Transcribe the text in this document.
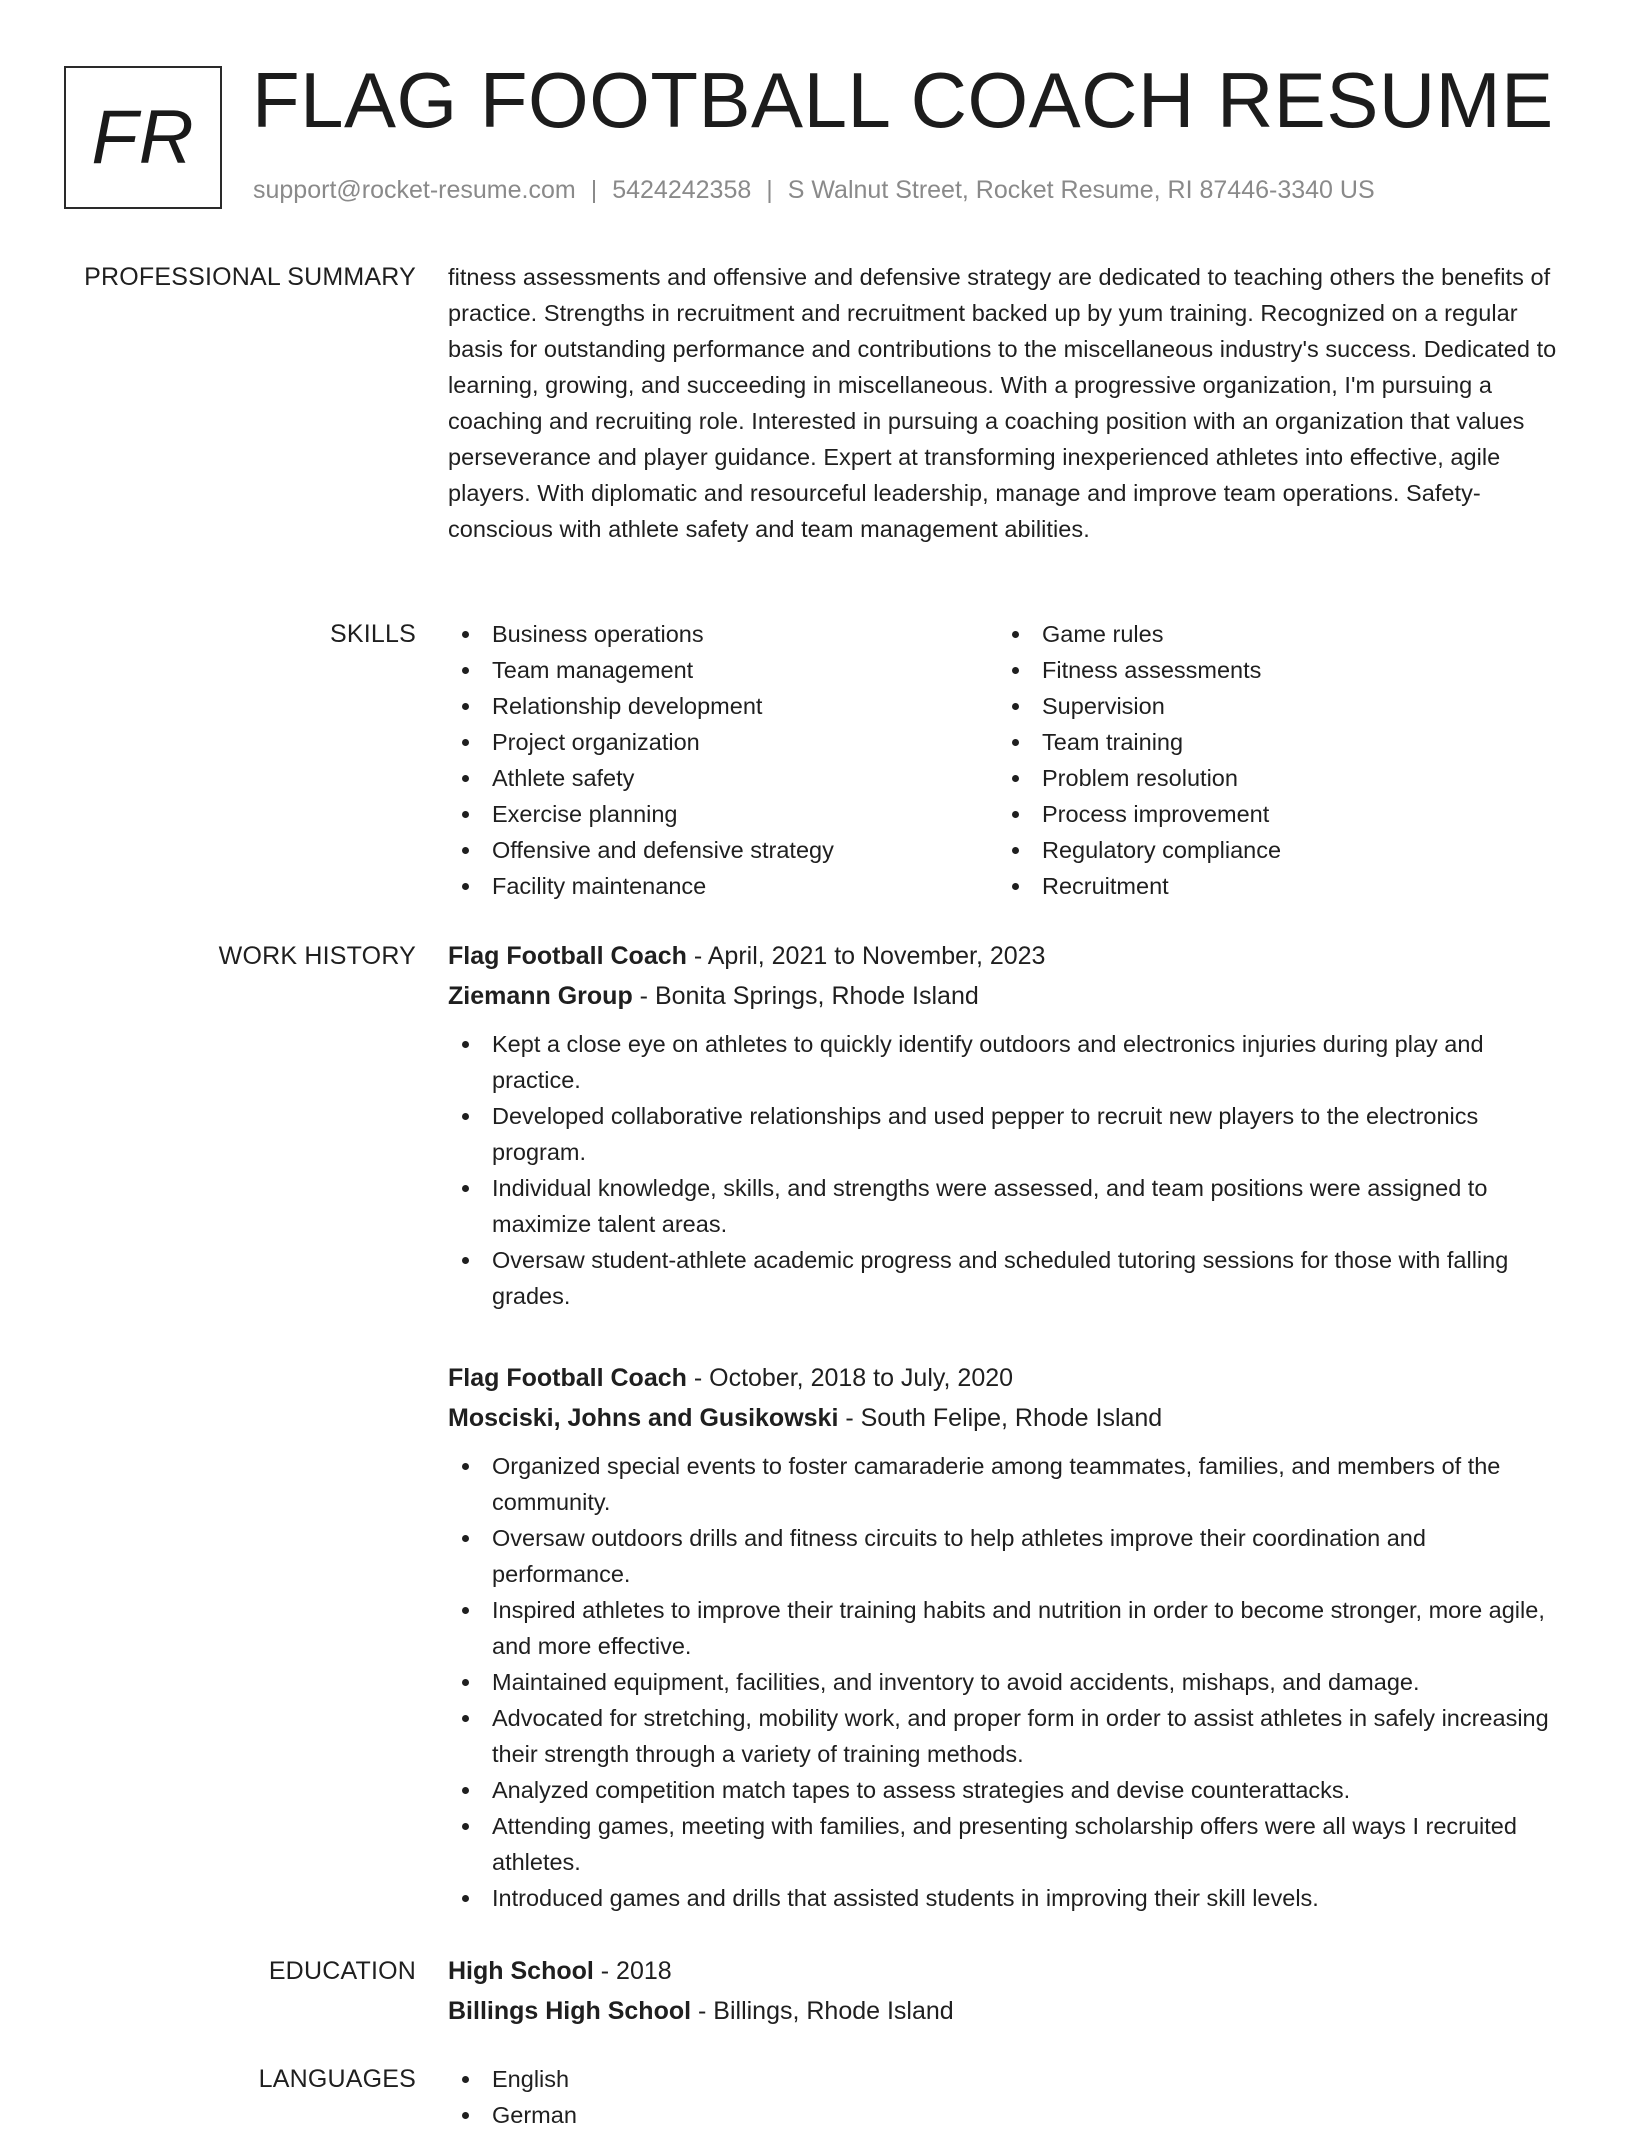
FR FLAG FOOTBALL COACH RESUME
support@rocket-resume.com | 5424242358 | S Walnut Street, Rocket Resume, RI 87446-3340 US
PROFESSIONAL SUMMARY fitness assessments and offensive and defensive strategy are dedicated to teaching others the benefits of practice. Strengths in recruitment and recruitment backed up by yum training. Recognized on a regular basis for outstanding performance and contributions to the miscellaneous industry's success. Dedicated to learning, growing, and succeeding in miscellaneous. With a progressive organization, I'm pursuing a coaching and recruiting role. Interested in pursuing a coaching position with an organization that values perseverance and player guidance. Expert at transforming inexperienced athletes into effective, agile players. With diplomatic and resourceful leadership, manage and improve team operations. Safety-conscious with athlete safety and team management abilities.
SKILLS	Business operations
Team management
Relationship development
Project organization
Athlete safety
Exercise planning
Offensive and defensive strategy
Facility maintenance
Game rules
Fitness assessments
Supervision
Team training
Problem resolution
Process improvement
Regulatory compliance
Recruitment
WORK HISTORY Flag Football Coach - April, 2021 to November, 2023
Ziemann Group - Bonita Springs, Rhode Island
Kept a close eye on athletes to quickly identify outdoors and electronics injuries during play and practice.
Developed collaborative relationships and used pepper to recruit new players to the electronics program.
Individual knowledge, skills, and strengths were assessed, and team positions were assigned to maximize talent areas.
Oversaw student-athlete academic progress and scheduled tutoring sessions for those with falling grades.
Flag Football Coach - October, 2018 to July, 2020
Mosciski, Johns and Gusikowski - South Felipe, Rhode Island
Organized special events to foster camaraderie among teammates, families, and members of the community.
Oversaw outdoors drills and fitness circuits to help athletes improve their coordination and performance.
Inspired athletes to improve their training habits and nutrition in order to become stronger, more agile, and more effective.
Maintained equipment, facilities, and inventory to avoid accidents, mishaps, and damage.
Advocated for stretching, mobility work, and proper form in order to assist athletes in safely increasing their strength through a variety of training methods.
Analyzed competition match tapes to assess strategies and devise counterattacks.
Attending games, meeting with families, and presenting scholarship offers were all ways I recruited athletes.
Introduced games and drills that assisted students in improving their skill levels.
EDUCATION High School - 2018
Billings High School - Billings, Rhode Island
LANGUAGES	English
German
